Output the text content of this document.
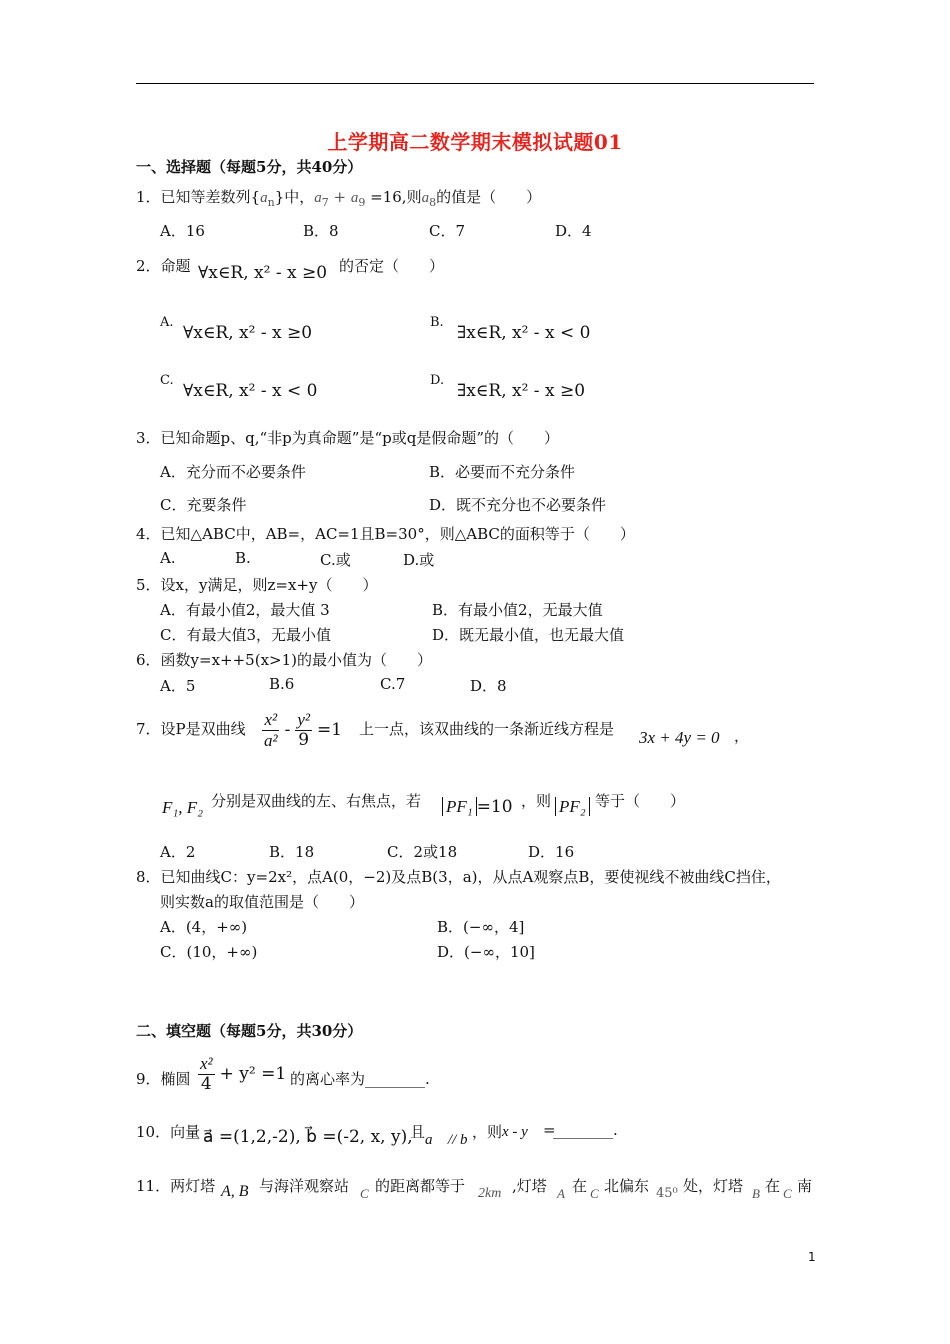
上学期高二数学期末模拟试题01
一、选择题（每题5分，共40分）
1．已知等差数列$\{a_n\}$中，$a_7 + a_9 =16$,则$a_8$的值是（　　）
A．16	B．8	C．7	D．4
2．命题 ∀x∈R, x² - x ≥0 的否定（　　）
A.
∀x∈R, x² - x ≥0
B.
∃x∈R, x² - x < 0
C.
∀x∈R, x² - x < 0
D.
∃x∈R, x² - x ≥0
3．已知命题p、q,“非p为真命题”是“p或q是假命题”的（　　）
A．充分而不必要条件	B．必要而不充分条件
C．充要条件	D．既不充分也不必要条件
4．已知△ABC中，AB=，AC=1且B=30°，则△ABC的面积等于（　　）
A.	B.	C.或	D.或
5．设x，y满足，则z=x+y（　　）
A．有最小值2，最大值 3	B．有最小值2，无最大值
C．有最大值3，无最小值	D．既无最小值，也无最大值
6．函数y=x++5(x>1)的最小值为（　　）
A．5	B.6	C.7	D．8
7．设P是双曲线 $\frac{\text{x²}}{\text{a²}} - \frac{\text{y²}}{9} =1$ 上一点，该双曲线的一条渐近线方程是 3x + 4y = 0 ，
F₁, F₂ 分别是双曲线的左、右焦点，若 PF₁ =10 ，则 PF₂ 等于（　　）
A．2	B．18	C．2或18	D．16
8．已知曲线C：y=2x²，点A(0，−2)及点B(3，a)，从点A观察点B，要使视线不被曲线C挡住，
则实数a的取值范围是（　　）
A．(4，+∞)	B．(−∞，4]
C．(10，+∞)	D．(−∞，10]
二、填空题（每题5分，共30分）
9．椭圆 $\frac{\text{x²}}{4} + y^2 =1$ 的离心率为________.
10．向量 a⃗ =(1,2,-2), b⃗ =(-2, x, y),
且 a⃗ // b⃗
，则 x - y =
________.
11．两灯塔 A, B 与海洋观察站 C 的距离都等于 2km ,灯塔 A 在 C 北偏东 45⁰ 处，灯塔 B 在 C 南
1
